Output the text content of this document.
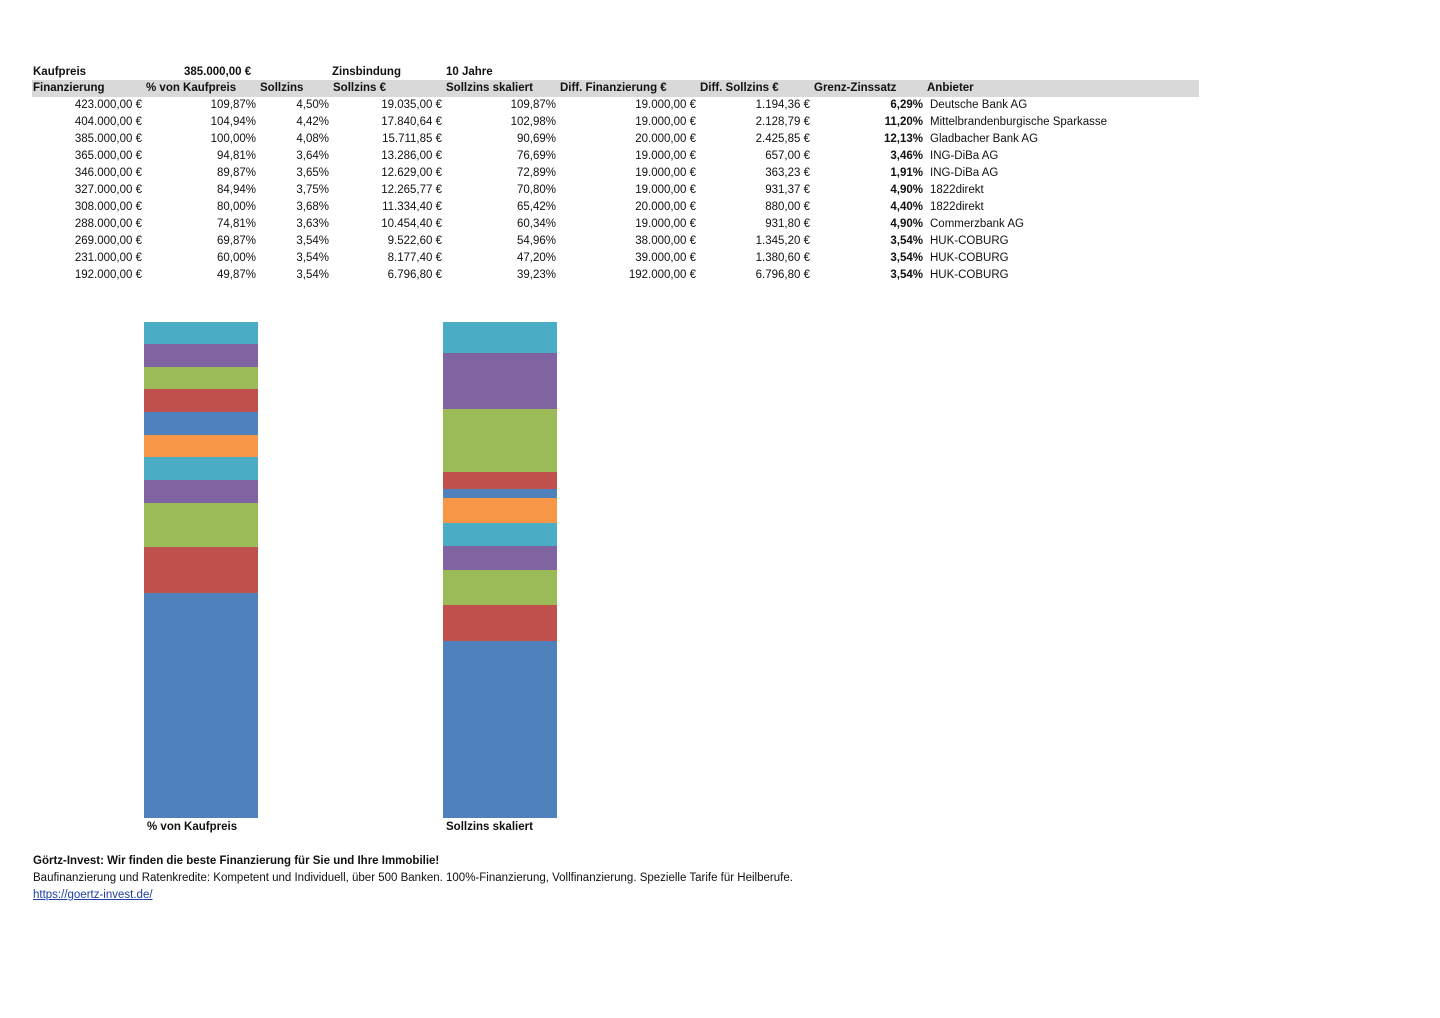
Kaufpreis	385.000,00 €	Zinsbindung	10 Jahre
Finanzierung	% von Kaufpreis	Sollzins	Sollzins €	Sollzins skaliert	Diff. Finanzierung €	Diff. Sollzins €	Grenz-Zinssatz	Anbieter
423.000,00 €	109,87%	4,50%	19.035,00 €	109,87%	19.000,00 €	1.194,36 €	6,29%	Deutsche Bank AG
404.000,00 €	104,94%	4,42%	17.840,64 €	102,98%	19.000,00 €	2.128,79 €	11,20%	Mittelbrandenburgische Sparkasse
385.000,00 €	100,00%	4,08%	15.711,85 €	90,69%	20.000,00 €	2.425,85 €	12,13%	Gladbacher Bank AG
365.000,00 €	94,81%	3,64%	13.286,00 €	76,69%	19.000,00 €	657,00 €	3,46%	ING-DiBa AG
346.000,00 €	89,87%	3,65%	12.629,00 €	72,89%	19.000,00 €	363,23 €	1,91%	ING-DiBa AG
327.000,00 €	84,94%	3,75%	12.265,77 €	70,80%	19.000,00 €	931,37 €	4,90%	1822direkt
308.000,00 €	80,00%	3,68%	11.334,40 €	65,42%	20.000,00 €	880,00 €	4,40%	1822direkt
288.000,00 €	74,81%	3,63%	10.454,40 €	60,34%	19.000,00 €	931,80 €	4,90%	Commerzbank AG
269.000,00 €	69,87%	3,54%	9.522,60 €	54,96%	38.000,00 €	1.345,20 €	3,54%	HUK-COBURG
231.000,00 €	60,00%	3,54%	8.177,40 €	47,20%	39.000,00 €	1.380,60 €	3,54%	HUK-COBURG
192.000,00 €	49,87%	3,54%	6.796,80 €	39,23%	192.000,00 €	6.796,80 €	3,54%	HUK-COBURG
% von Kaufpreis	Sollzins skaliert
Görtz-Invest: Wir finden die beste Finanzierung für Sie und Ihre Immobilie!
Baufinanzierung und Ratenkredite: Kompetent und Individuell, über 500 Banken. 100%-Finanzierung, Vollfinanzierung. Spezielle Tarife für Heilberufe.
https://goertz-invest.de/
